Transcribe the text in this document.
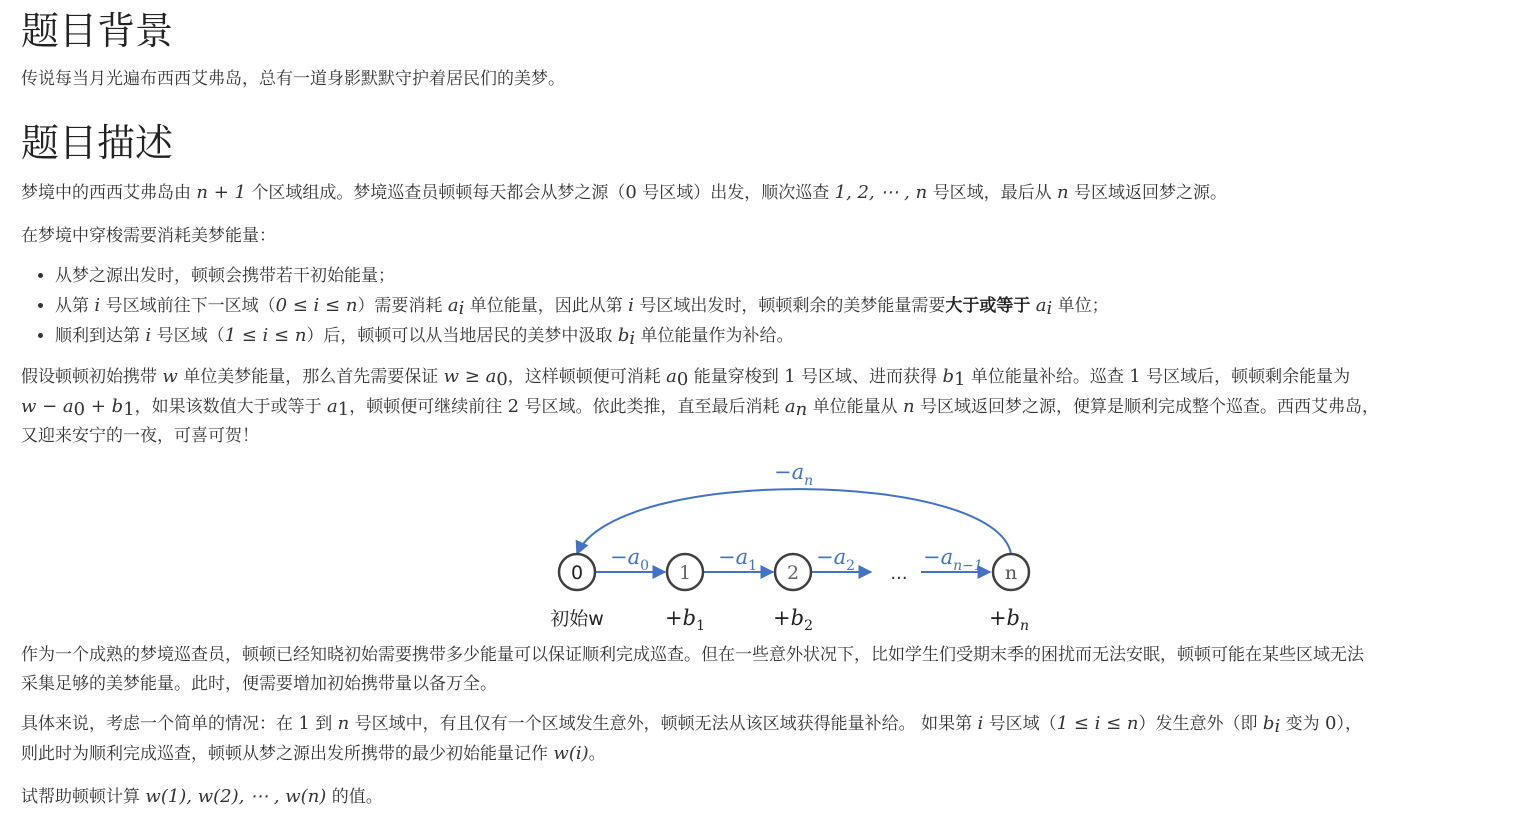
题目背景

传说每当月光遍布西西艾弗岛，总有一道身影默默守护着居民们的美梦。

题目描述

梦境中的西西艾弗岛由 n + 1 个区域组成。梦境巡查员顿顿每天都会从梦之源（0 号区域）出发，顺次巡查 1, 2, ⋯ , n 号区域，最后从 n 号区域返回梦之源。

在梦境中穿梭需要消耗美梦能量：

• 从梦之源出发时，顿顿会携带若干初始能量；
• 从第 i 号区域前往下一区域（0 ≤ i ≤ n）需要消耗 $a_i$ 单位能量，因此从第 i 号区域出发时，顿顿剩余的美梦能量需要大于或等于 $a_i$ 单位；
• 顺利到达第 i 号区域（1 ≤ i ≤ n）后，顿顿可以从当地居民的美梦中汲取 $b_i$ 单位能量作为补给。

假设顿顿初始携带 w 单位美梦能量，那么首先需要保证 $w \ge a_0$，这样顿顿便可消耗 $a_0$ 能量穿梭到 1 号区域、进而获得 $b_1$ 单位能量补给。巡查 1 号区域后，顿顿剩余能量为

$w - a_0 + b_1$，如果该数值大于或等于 $a_1$，顿顿便可继续前往 2 号区域。依此类推，直至最后消耗 $a_n$ 单位能量从 n 号区域返回梦之源，便算是顺利完成整个巡查。西西艾弗岛，

又迎来安宁的一夜，可喜可贺！

$-a_n$
$-a_0$	$-a_1$	$-a_2$	$-a_{n-1}$
0	1	2	n
...
初始w	$+b_1$	$+b_2$	$+b_n$

作为一个成熟的梦境巡查员，顿顿已经知晓初始需要携带多少能量可以保证顺利完成巡查。但在一些意外状况下，比如学生们受期末季的困扰而无法安眠，顿顿可能在某些区域无法

采集足够的美梦能量。此时，便需要增加初始携带量以备万全。

具体来说，考虑一个简单的情况：在 1 到 n 号区域中，有且仅有一个区域发生意外，顿顿无法从该区域获得能量补给。 如果第 i 号区域（1 ≤ i ≤ n）发生意外（即 $b_i$ 变为 0），

则此时为顺利完成巡查，顿顿从梦之源出发所携带的最少初始能量记作 w(i)。

试帮助顿顿计算 w(1), w(2), ⋯ , w(n) 的值。
